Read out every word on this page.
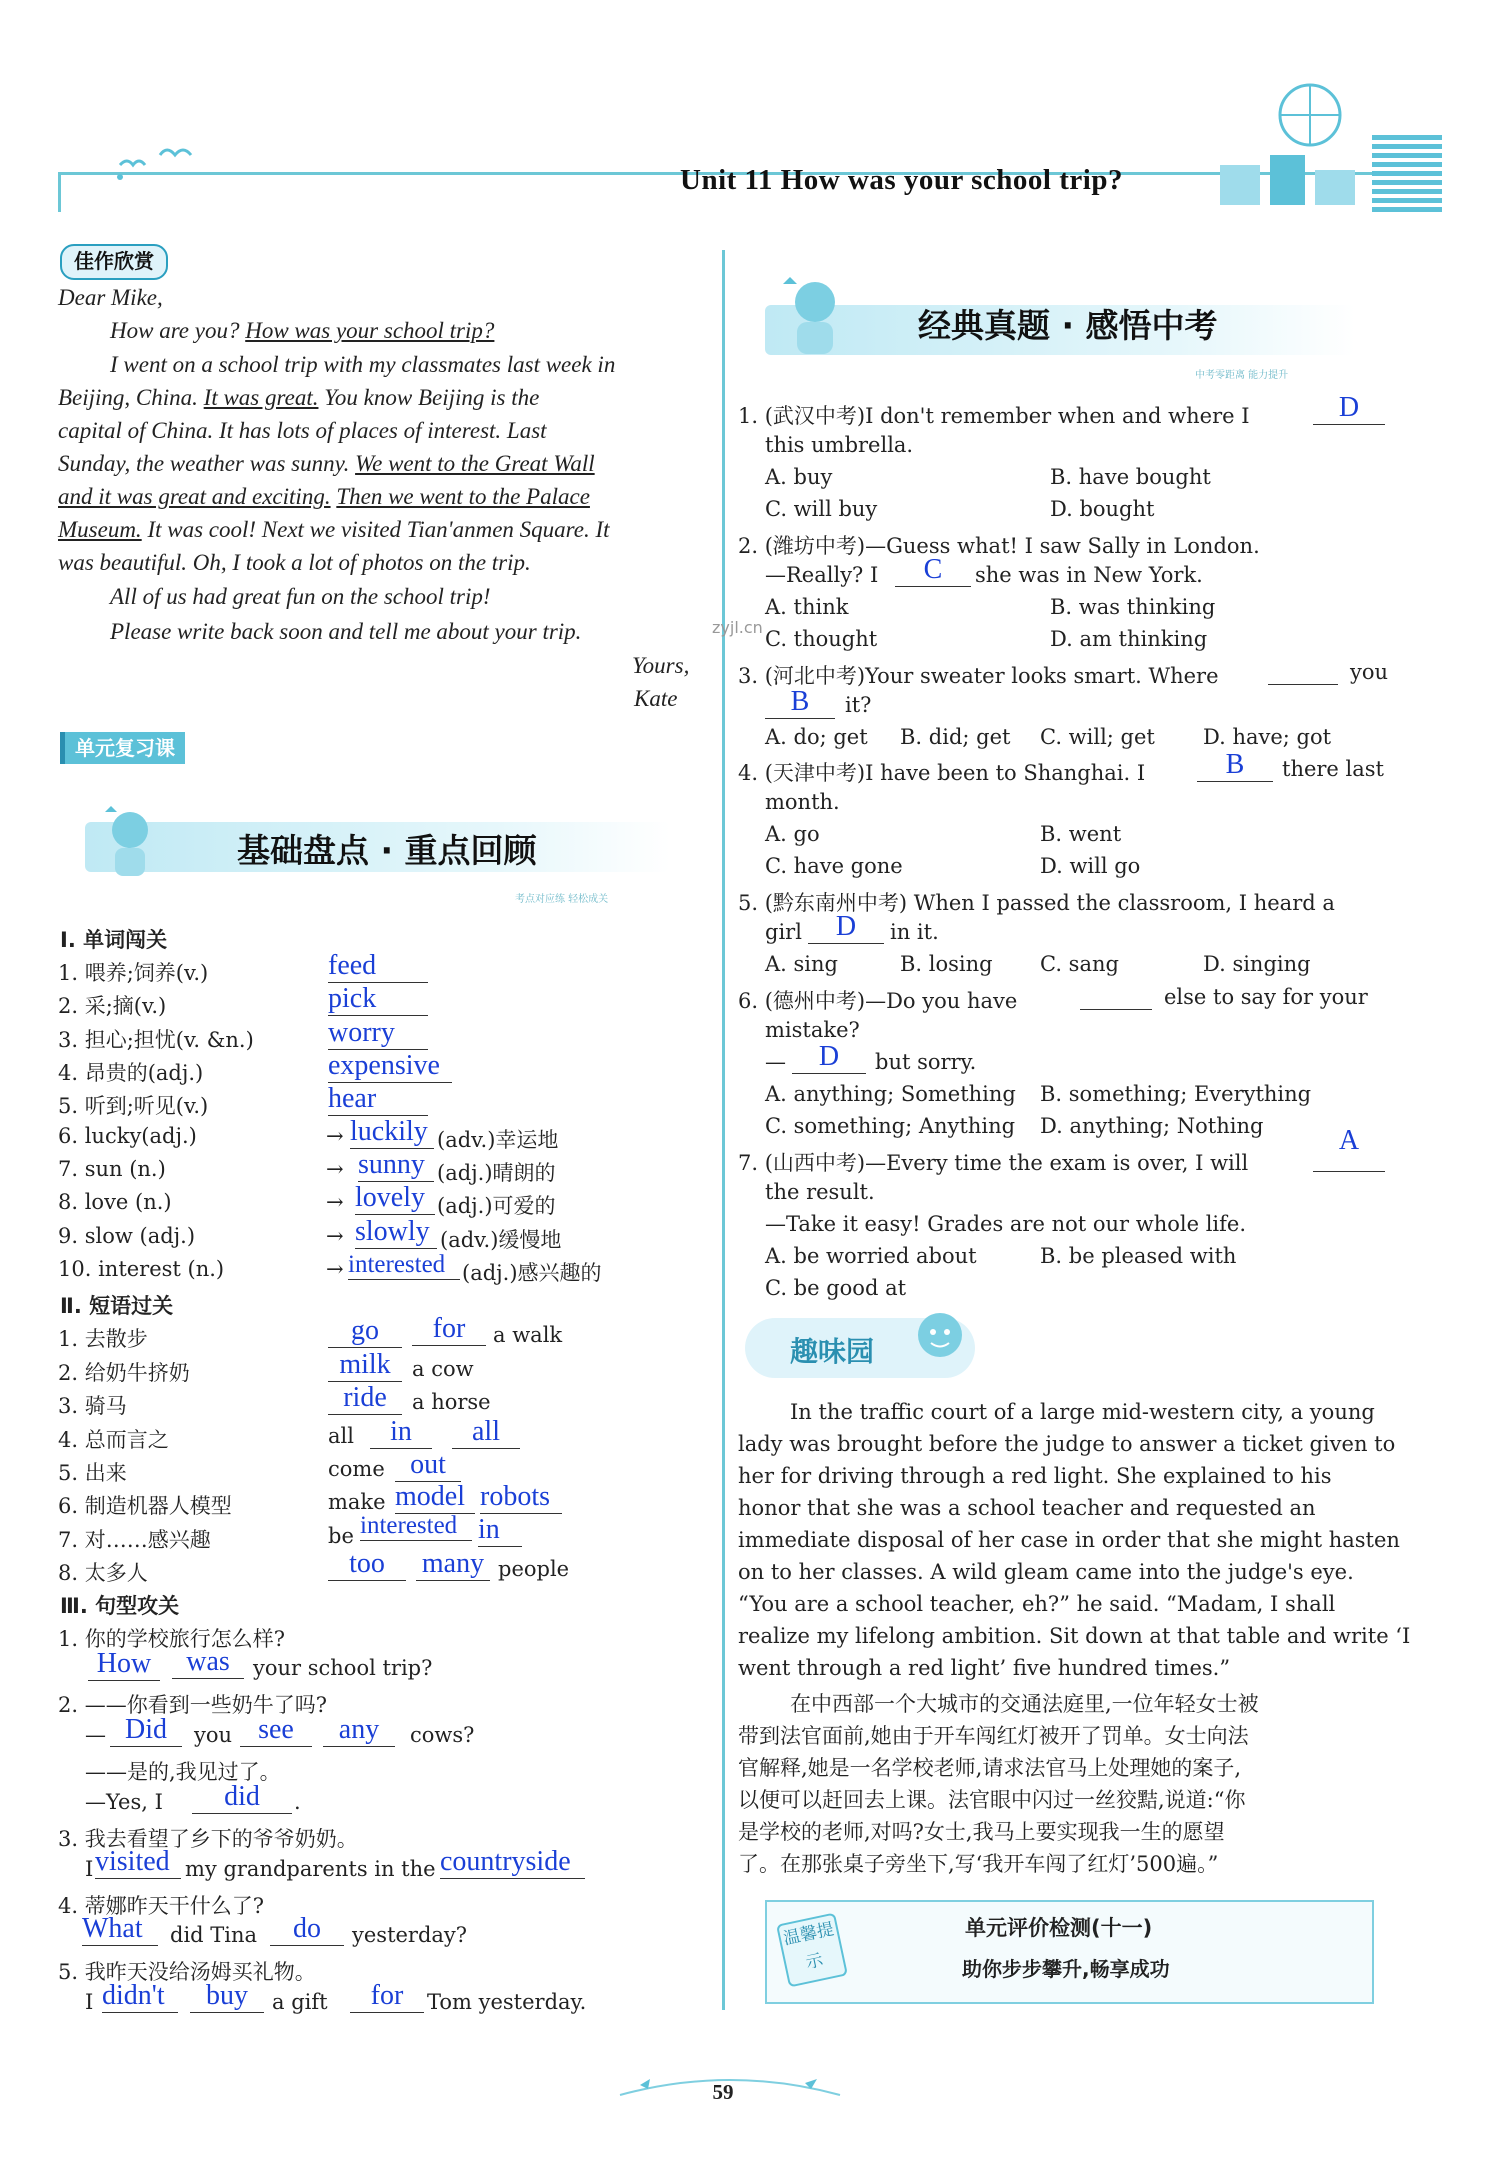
Unit 11 How was your school trip?
佳作欣赏
Dear Mike,
How are you? How was your school trip?
I went on a school trip with my classmates last week in
Beijing, China. It was great. You know Beijing is the
capital of China. It has lots of places of interest. Last
Sunday, the weather was sunny. We went to the Great Wall
and it was great and exciting. Then we went to the Palace
Museum. It was cool! Next we visited Tian'anmen Square. It
was beautiful. Oh, I took a lot of photos on the trip.
All of us had great fun on the school trip!
Please write back soon and tell me about your trip.
Yours,
Kate
单元复习课
基础盘点 · 重点回顾
考点对应练 轻松成关
Ⅰ. 单词闯关
1. 喂养;饲养(v.)	feed
2. 采;摘(v.)	pick
3. 担心;担忧(v. &n.)	worry
4. 昂贵的(adj.)	expensive
5. 听到;听见(v.)	hear
6. lucky(adj.)	→ luckily (adv.)幸运地
7. sun (n.)	→ sunny (adj.)晴朗的
8. love (n.)	→ lovely (adj.)可爱的
9. slow (adj.)	→ slowly (adv.)缓慢地
10. interest (n.)	→ interested (adj.)感兴趣的
Ⅱ. 短语过关
1. 去散步	go	for	a walk
2. 给奶牛挤奶	milk	a cow
3. 骑马	ride	a horse
4. 总而言之	all	in	all
5. 出来	come out
6. 制造机器人模型	make model robots
7. 对……感兴趣	be interested in
8. 太多人	too	many people
Ⅲ. 句型攻关
1. 你的学校旅行怎么样?
How	was	your school trip?
2. ——你看到一些奶牛了吗?
— Did	you see	any	cows?
——是的,我见过了。
—Yes, I	did	.
3. 我去看望了乡下的爷爷奶奶。
I visited my grandparents in the countryside
4. 蒂娜昨天干什么了?
What	did Tina	do	yesterday?
5. 我昨天没给汤姆买礼物。
I didn't	buy	a gift	for	Tom yesterday.
经典真题 · 感悟中考
中考零距离 能力提升
1. (武汉中考)I don't remember when and where I	D
this umbrella.
A. buy	B. have bought
C. will buy	D. bought
2. (潍坊中考)—Guess what! I saw Sally in London.
—Really? I	C	she was in New York.
A. think	B. was thinking
C. thought	D. am thinking
3. (河北中考)Your sweater looks smart. Where
	you
B	it?
A. do; get B. did; get C. will; get D. have; got
4. (天津中考)I have been to Shanghai. I	B	there last
month.
A. go	B. went
C. have gone	D. will go
5. (黔东南州中考) When I passed the classroom, I heard a
girl	D	in it.
A. sing	B. losing C. sang	D. singing
6. (德州中考)—Do you have
	else to say for your
mistake?
—	D	but sorry.
A. anything; Something B. something; Everything
C. something; Anything D. anything; Nothing
7. (山西中考)—Every time the exam is over, I will
A
the result.
—Take it easy! Grades are not our whole life.
A. be worried about	B. be pleased with
C. be good at
趣味园
In the traffic court of a large mid-western city, a young
lady was brought before the judge to answer a ticket given to
her for driving through a red light. She explained to his
honor that she was a school teacher and requested an
immediate disposal of her case in order that she might hasten
on to her classes. A wild gleam came into the judge's eye.
“You are a school teacher, eh?” he said. “Madam, I shall
realize my lifelong ambition. Sit down at that table and write ‘I
went through a red light’ five hundred times.”
在中西部一个大城市的交通法庭里,一位年轻女士被
带到法官面前,她由于开车闯红灯被开了罚单。女士向法
官解释,她是一名学校老师,请求法官马上处理她的案子,
以便可以赶回去上课。法官眼中闪过一丝狡黠,说道:“你
是学校的老师,对吗?女士,我马上要实现我一生的愿望
了。在那张桌子旁坐下,写‘我开车闯了红灯’500遍。”
温馨提示
单元评价检测(十一)
助你步步攀升,畅享成功
zyjl.cn
59
